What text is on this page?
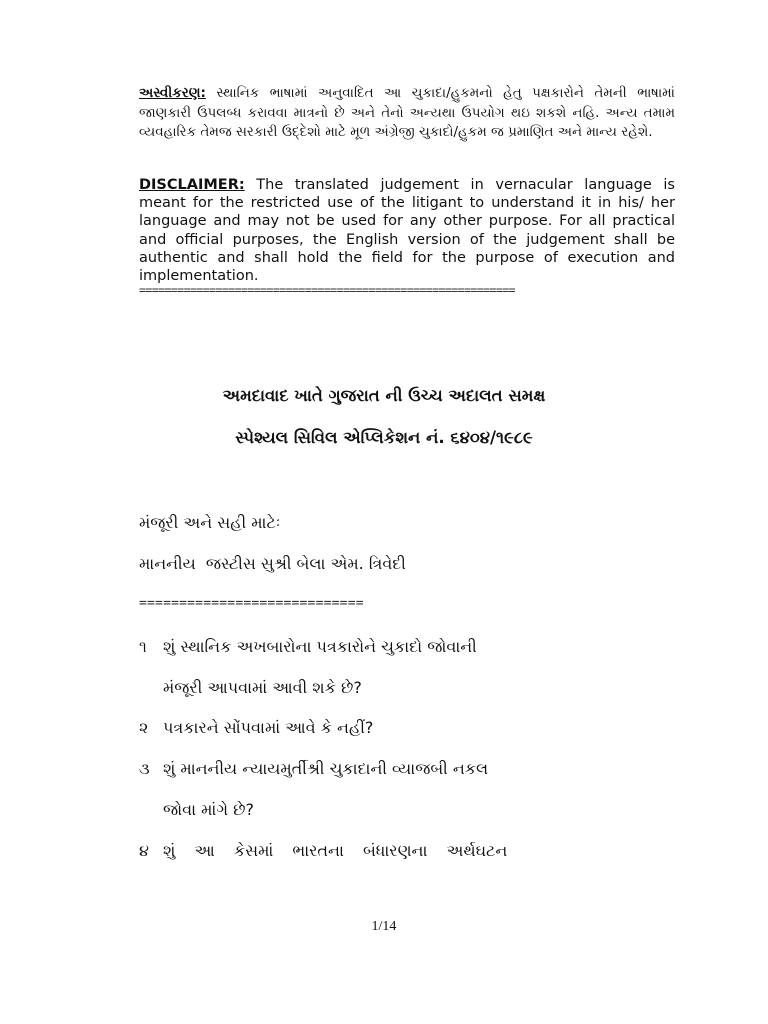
અસ્વીકરણ: સ્થાનિક ભાષામાં અનુવાદિત આ ચુકાદા/હુકમનો હેતુ પક્ષકારોને તેમની ભાષામાં જાણકારી ઉપલબ્ધ કરાવવા માત્રનો છે અને તેનો અન્યથા ઉપયોગ થઇ શકશે નહિ. અન્ય તમામ વ્યવહારિક તેમજ સરકારી ઉદ્દેશો માટે મૂળ અંગ્રેજી ચુકાદો/હુકમ જ પ્રમાણિત અને માન્ય રહેશે.
DISCLAIMER: The translated judgement in vernacular language is meant for the restricted use of the litigant to understand it in his/ her language and may not be used for any other purpose. For all practical and official purposes, the English version of the judgement shall be authentic and shall hold the field for the purpose of execution and implementation.
===========================================================
અમદાવાદ ખાતે ગુજરાત ની ઉચ્ચ અદાલત સમક્ષ
સ્પેશ્યલ સિવિલ એપ્લિકેશન નં. ૬૪૦૪/૧૯૮૯
મંજૂરી અને સહી માટેઃ
માનનીય  જસ્ટીસ સુશ્રી બેલા એમ. ત્રિવેદી
============================
૧ શું સ્થાનિક અખબારોના પત્રકારોને ચુકાદો જોવાની
મંજૂરી આપવામાં આવી શકે છે?
૨ પત્રકારને સોંપવામાં આવે કે નહીં?
૩ શું માનનીય ન્યાયમુર્તીશ્રી ચુકાદાની વ્યાજબી નકલ
જોવા માંગે છે?
૪ શું આ કેસમાં ભારતના બંધારણના અર્થઘટન
1/14
